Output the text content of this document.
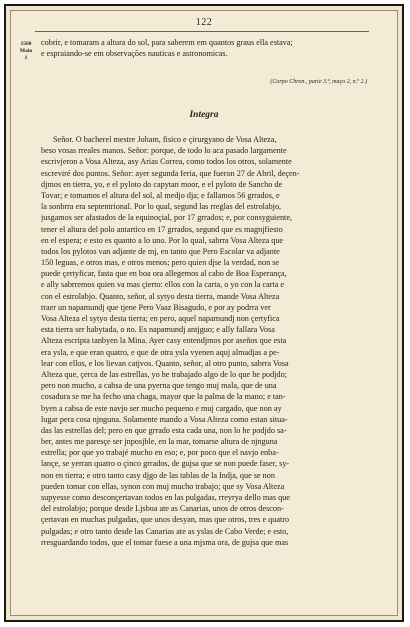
122
1500
Maio
1
cobrir, e tomaram a altura do sol, para saberem em quantos graus ella estava;
e espraiando-se em observações nauticas e astronomicas.
(Corpo Chron., parte 3.ª, maço 2, n.º 2.)
Integra
Señor. O bacherel mestre Joham, fisico e çirurgyano de Vosa Alteza,
beso vosas rreales manos. Señor: porque, de todo lo aca pasado largamente
escrivjeron a Vosa Alteza, asy Arias Correa, como todos los otros, solamente
escreviré dos puntos. Señor: ayer segunda feria, que fueron 27 de Abril, deçen-
djmos en tierra, yo, e el pyloto do capytan moor, e el pyloto de Sancho de
Tovar; e tomamos el altura del sol, al medjo dja; e fallamos 56 grrados, e
la sonbrra era septentrional. Por lo qual, segund las rreglas del estrolabjo,
jusgamos ser afastados de la equinoçial, por 17 grrados; e, por consyguiente,
tener el altura del polo antartico en 17 grrados, segund que es magnjfiesto
en el espera; e esto es quanto a lo uno. Por lo qual, sabrra Vosa Alteza que
todos los pylotos van adjante de mj, en tanto que Pero Escolar va adjante
150 leguas, e otros mas, e otros menos; pero quien djse la verdad, non se
puede çertyficar, fasta que en boa ora allegemos al cabo de Boa Esperança,
e ally sabrremos quien va mas çierto: ellos con la carta, o yo con la carta e
con el estrolabjo. Quanto, señor, al sytyo desta tierra, mande Vosa Alteza
traer un napamundj que tjene Pero Vaaz Bisagudo, e por ay podrra ver
Vosa Alteza el sytyo desta tierra; en pero, aquel napamundj non çertyfica
esta tierra ser habytada, o no. Es napamundj antjguo; e ally fallara Vosa
Alteza escripta tanbyen la Mina. Ayer casy entendjmos por aseños que esta
era ysla, e que eran quatro, e que de otra ysla vyenen aquj almadjas a pe-
lear con ellos, e los lievan catjvos. Quanto, señor, al otro punto, sabrra Vosa
Alteza que, çerca de las estrellas, yo he trabajado algo de lo que he podjdo;
pero non mucho, a cabsa de una pyerna que tengo muj mala, que de una
cosadura se me ha fecho una chaga, mayor que la palma de la mano; e tan-
byen a cabsa de este navjo ser mucho pequeno e muj cargado, que non ay
lugar pera cosa njnguna. Solamente mando a Vosa Alteza como estan situa-
das las estrellas del; pero en que grrado esta cada una, non lo he podjdo sa-
ber, antes me paresçe ser jnposjble, en la mar, tomarse altura de njnguna
estrella; por que yo trabajé mucho en eso; e, por poco que el navjo enba-
lançe, se yerran quatro o çinco grrados, de gujsa que se non puede faser, sy-
non en tierra; e otro tanto casy djgo de las tablas de la Indja, que se non
pueden tomar con ellas, synon con muj mucho trabajo; que sy Vosa Alteza
supyesse como desconçertavan todos en las pulgadas, rreyrya dello mas que
del estrolabjo; porque desde Ljsboa ate as Canarias, unos de otros descon-
çertavan en muchas pulgadas, que unos desyan, mas que otros, tres e quatro
pulgadas; e otro tanto desde las Canarias ate as yslas de Cabo Verde; e esto,
rresguardando todos, que el tomar fuese a una mjsma ora, de gujsa que mas
